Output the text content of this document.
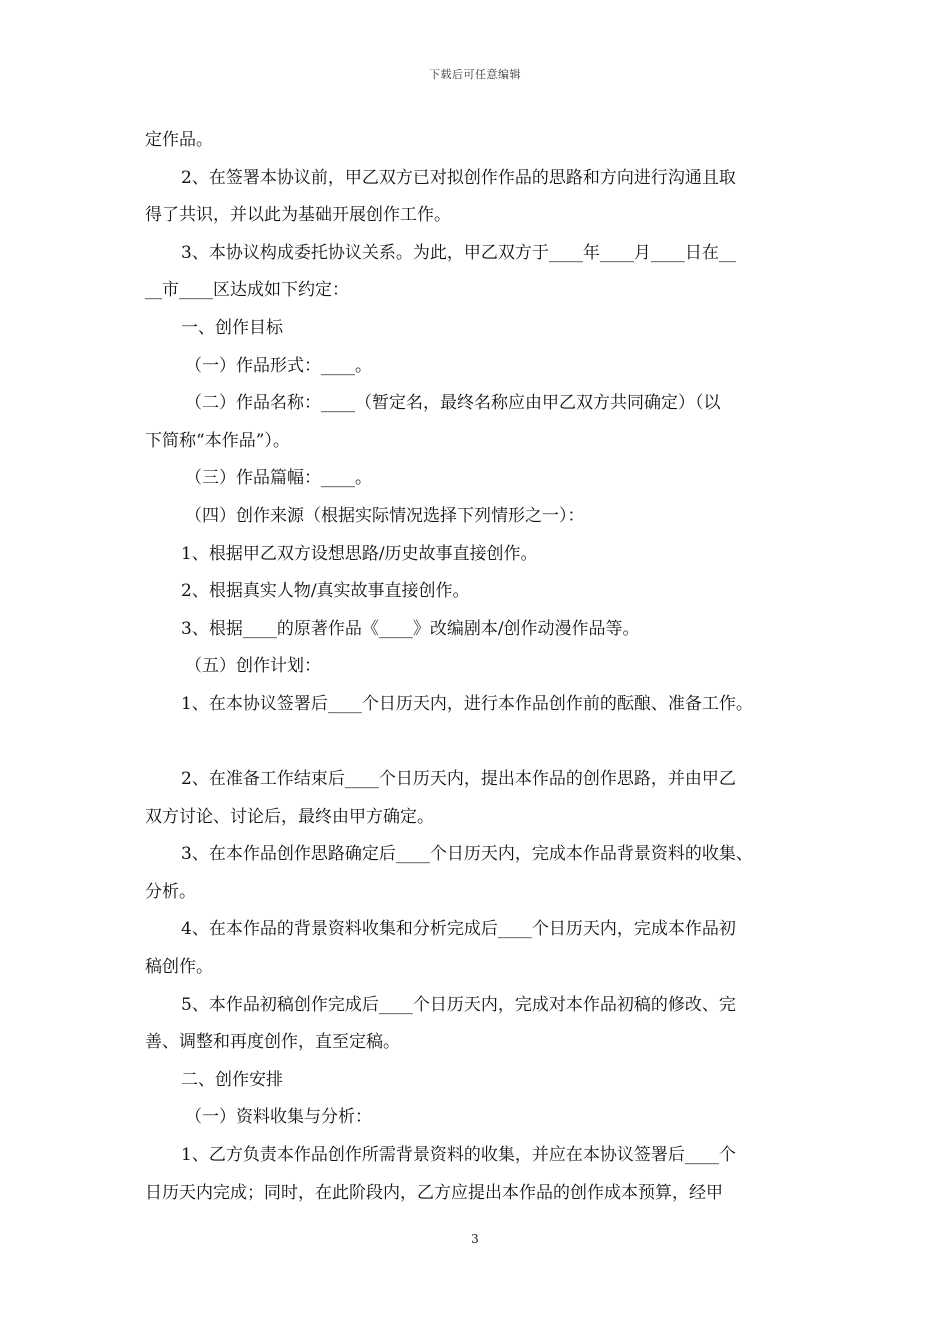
下载后可任意编辑
定作品。
2、在签署本协议前，甲乙双方已对拟创作作品的思路和方向进行沟通且取
得了共识，并以此为基础开展创作工作。
3、本协议构成委托协议关系。为此，甲乙双方于____年____月____日在__
__市____区达成如下约定：
一、创作目标
（一）作品形式：____。
（二）作品名称：____（暂定名，最终名称应由甲乙双方共同确定）（以
下简称“本作品”）。
（三）作品篇幅：____。
（四）创作来源（根据实际情况选择下列情形之一）：
1、根据甲乙双方设想思路/历史故事直接创作。
2、根据真实人物/真实故事直接创作。
3、根据____的原著作品《____》改编剧本/创作动漫作品等。
（五）创作计划：
1、在本协议签署后____个日历天内，进行本作品创作前的酝酿、准备工作。
2、在准备工作结束后____个日历天内，提出本作品的创作思路，并由甲乙
双方讨论、讨论后，最终由甲方确定。
3、在本作品创作思路确定后____个日历天内，完成本作品背景资料的收集、
分析。
4、在本作品的背景资料收集和分析完成后____个日历天内，完成本作品初
稿创作。
5、本作品初稿创作完成后____个日历天内，完成对本作品初稿的修改、完
善、调整和再度创作，直至定稿。
二、创作安排
（一）资料收集与分析：
1、乙方负责本作品创作所需背景资料的收集，并应在本协议签署后____个
日历天内完成；同时，在此阶段内，乙方应提出本作品的创作成本预算，经甲
3
